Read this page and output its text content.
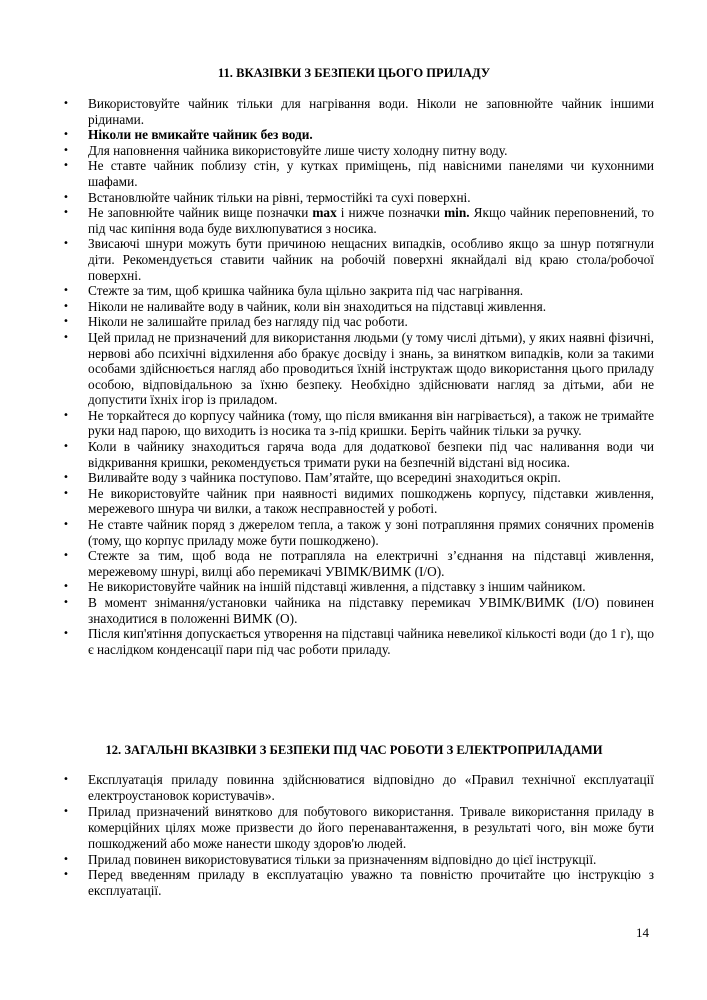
11. ВКАЗІВКИ З БЕЗПЕКИ ЦЬОГО ПРИЛАДУ
• Використовуйте чайник тільки для нагрівання води. Ніколи не заповнюйте чайник іншими рідинами.
• Ніколи не вмикайте чайник без води.
• Для наповнення чайника використовуйте лише чисту холодну питну воду.
• Не ставте чайник поблизу стін, у кутках приміщень, під навісними панелями чи кухонними шафами.
• Встановлюйте чайник тільки на рівні, термостійкі та сухі поверхні.
• Не заповнюйте чайник вище позначки max і нижче позначки min. Якщо чайник переповнений, то під час кипіння вода буде вихлюпуватися з носика.
• Звисаючі шнури можуть бути причиною нещасних випадків, особливо якщо за шнур потягнули діти. Рекомендується ставити чайник на робочій поверхні якнайдалі від краю стола/робочої поверхні.
• Стежте за тим, щоб кришка чайника була щільно закрита під час нагрівання.
• Ніколи не наливайте воду в чайник, коли він знаходиться на підставці живлення.
• Ніколи не залишайте прилад без нагляду під час роботи.
• Цей прилад не призначений для використання людьми (у тому числі дітьми), у яких наявні фізичні, нервові або психічні відхилення або бракує досвіду і знань, за винятком випадків, коли за такими особами здійснюється нагляд або проводиться їхній інструктаж щодо використання цього приладу особою, відповідальною за їхню безпеку. Необхідно здійснювати нагляд за дітьми, аби не допустити їхніх ігор із приладом.
• Не торкайтеся до корпусу чайника (тому, що після вмикання він нагрівається), а також не тримайте руки над парою, що виходить із носика та з-під кришки. Беріть чайник тільки за ручку.
• Коли в чайнику знаходиться гаряча вода для додаткової безпеки під час наливання води чи відкривання кришки, рекомендується тримати руки на безпечній відстані від носика.
• Виливайте воду з чайника поступово. Пам’ятайте, що всередині знаходиться окріп.
• Не використовуйте чайник при наявності видимих пошкоджень корпусу, підставки живлення, мережевого шнура чи вилки, а також несправностей у роботі.
• Не ставте чайник поряд з джерелом тепла, а також у зоні потрапляння прямих сонячних променів (тому, що корпус приладу може бути пошкоджено).
• Стежте за тим, щоб вода не потрапляла на електричні з’єднання на підставці живлення, мережевому шнурі, вилці або перемикачі УВІМК/ВИМК (I/O).
• Не використовуйте чайник на іншій підставці живлення, а підставку з іншим чайником.
• В момент знімання/установки чайника на підставку перемикач УВІМК/ВИМК (I/O) повинен знаходитися в положенні ВИМК (O).
• Після кип'ятіння допускається утворення на підставці чайника невеликої кількості води (до 1 г), що є наслідком конденсації пари під час роботи приладу.
12. ЗАГАЛЬНІ ВКАЗІВКИ З БЕЗПЕКИ ПІД ЧАС РОБОТИ З ЕЛЕКТРОПРИЛАДАМИ
• Експлуатація приладу повинна здійснюватися відповідно до «Правил технічної експлуатації електроустановок користувачів».
• Прилад призначений винятково для побутового використання. Тривале використання приладу в комерційних цілях може призвести до його перенавантаження, в результаті чого, він може бути пошкоджений або може нанести шкоду здоров'ю людей.
• Прилад повинен використовуватися тільки за призначенням відповідно до цієї інструкції.
• Перед введенням приладу в експлуатацію уважно та повністю прочитайте цю інструкцію з експлуатації.

14
